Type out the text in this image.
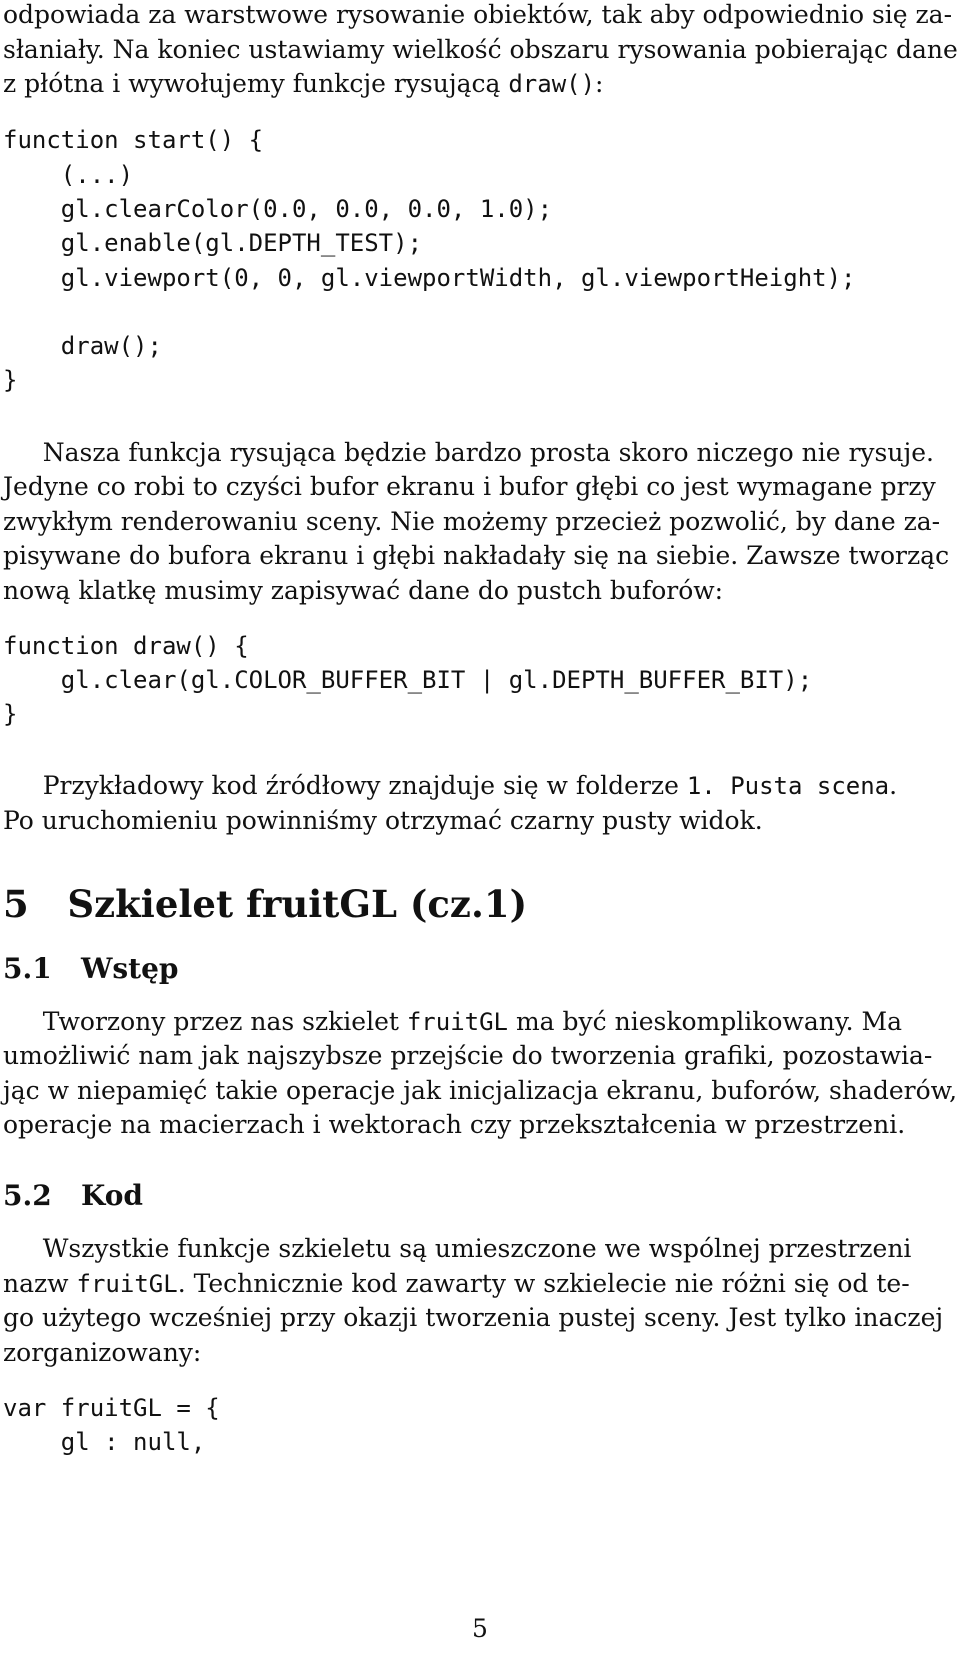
odpowiada za warstwowe rysowanie obiektów, tak aby odpowiednio się za-

słaniały. Na koniec ustawiamy wielkość obszaru rysowania pobierając dane

z płótna i wywołujemy funkcje rysującą draw():

function start() {

(...)

gl.clearColor(0.0, 0.0, 0.0, 1.0);

gl.enable(gl.DEPTH_TEST);

gl.viewport(0, 0, gl.viewportWidth, gl.viewportHeight);

draw();

}

Nasza funkcja rysująca będzie bardzo prosta skoro niczego nie rysuje.

Jedyne co robi to czyści bufor ekranu i bufor głębi co jest wymagane przy

zwykłym renderowaniu sceny. Nie możemy przecież pozwolić, by dane za-

pisywane do bufora ekranu i głębi nakładały się na siebie. Zawsze tworząc

nową klatkę musimy zapisywać dane do pustch buforów:

function draw() {

gl.clear(gl.COLOR_BUFFER_BIT | gl.DEPTH_BUFFER_BIT);

}

Przykładowy kod źródłowy znajduje się w folderze 1. Pusta scena.

Po uruchomieniu powinniśmy otrzymać czarny pusty widok.

5 Szkielet fruitGL (cz.1)

5.1 Wstęp

Tworzony przez nas szkielet fruitGL ma być nieskomplikowany. Ma

umożliwić nam jak najszybsze przejście do tworzenia grafiki, pozostawia-

jąc w niepamięć takie operacje jak inicjalizacja ekranu, buforów, shaderów,

operacje na macierzach i wektorach czy przekształcenia w przestrzeni.

5.2 Kod

Wszystkie funkcje szkieletu są umieszczone we wspólnej przestrzeni

nazw fruitGL. Technicznie kod zawarty w szkielecie nie różni się od te-

go użytego wcześniej przy okazji tworzenia pustej sceny. Jest tylko inaczej

zorganizowany:

var fruitGL = {

gl : null,

5
